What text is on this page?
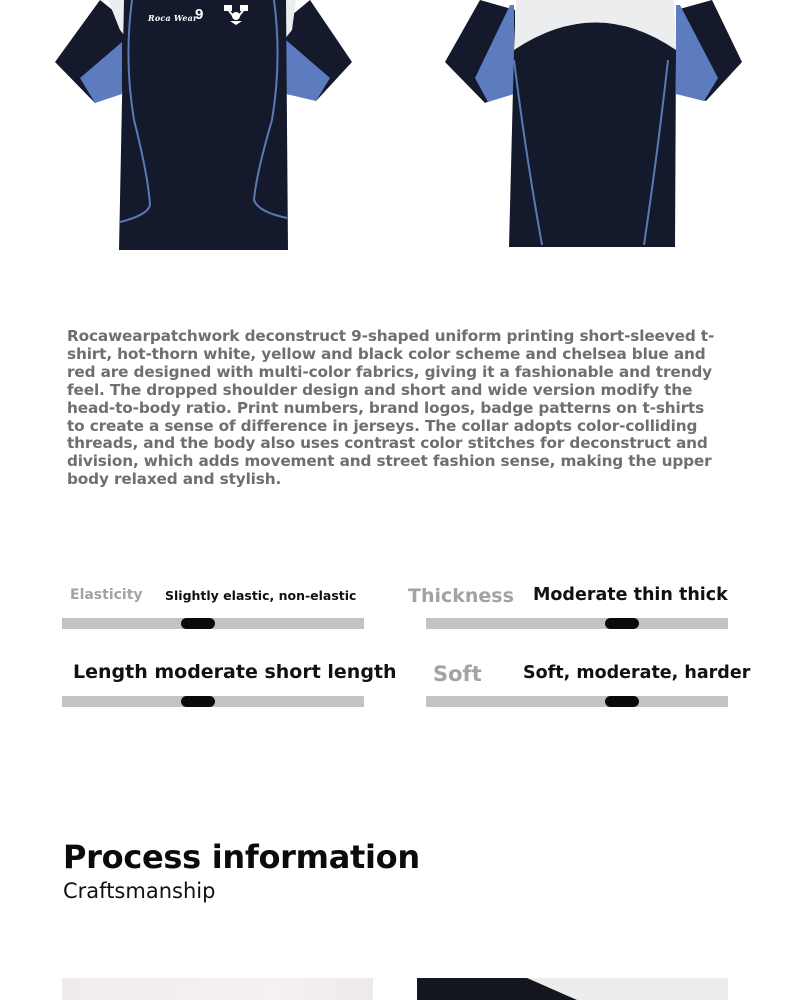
Roca Wear
9
Rocawearpatchwork deconstruct 9-shaped uniform printing short-sleeved t-shirt, hot-thorn white, yellow and black color scheme and chelsea blue and red are designed with multi-color fabrics, giving it a fashionable and trendy feel. The dropped shoulder design and short and wide version modify the head-to-body ratio. Print numbers, brand logos, badge patterns on t-shirts to create a sense of difference in jerseys. The collar adopts color-colliding threads, and the body also uses contrast color stitches for deconstruct and division, which adds movement and street fashion sense, making the upper body relaxed and stylish.
Elasticity Slightly elastic, non-elastic	Thickness Moderate thin thick
Length moderate short length Soft Soft, moderate, harder
Process information
Craftsmanship
